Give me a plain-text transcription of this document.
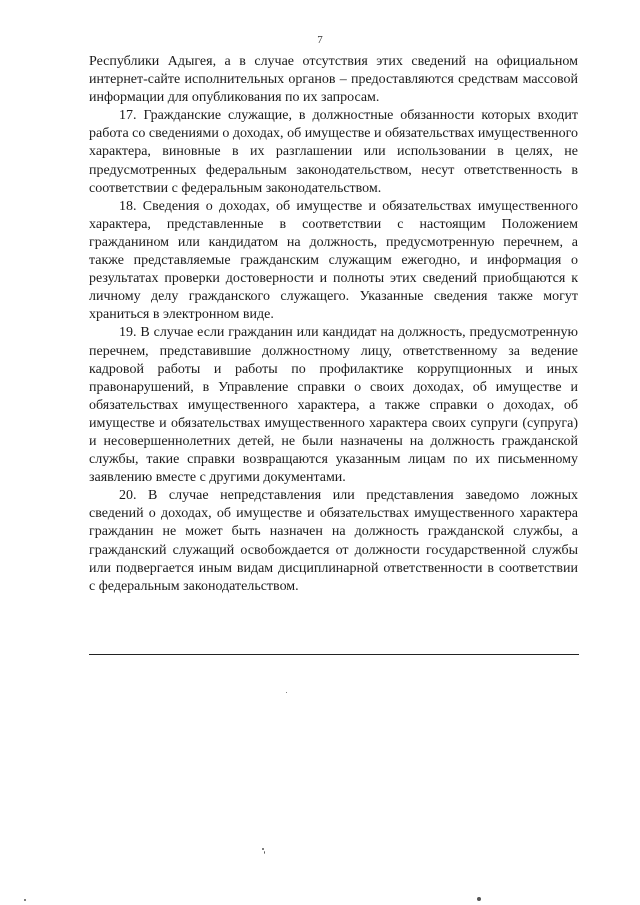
7

Республики Адыгея, а в случае отсутствия этих сведений на официальном интернет-сайте исполнительных органов – предоставляются средствам массовой информации для опубликования по их запросам.

17. Гражданские служащие, в должностные обязанности которых входит работа со сведениями о доходах, об имуществе и обязательствах имущественного характера, виновные в их разглашении или использовании в целях, не предусмотренных федеральным законодательством, несут ответственность в соответствии с федеральным законодательством.

18. Сведения о доходах, об имуществе и обязательствах имущественного характера, представленные в соответствии с настоящим Положением гражданином или кандидатом на должность, предусмотренную перечнем, а также представляемые гражданским служащим ежегодно, и информация о результатах проверки достоверности и полноты этих сведений приобщаются к личному делу гражданского служащего. Указанные сведения также могут храниться в электронном виде.

19. В случае если гражданин или кандидат на должность, предусмотренную перечнем, представившие должностному лицу, ответственному за ведение кадровой работы и работы по профилактике коррупционных и иных правонарушений, в Управление справки о своих доходах, об имуществе и обязательствах имущественного характера, а также справки о доходах, об имуществе и обязательствах имущественного характера своих супруги (супруга) и несовершеннолетних детей, не были назначены на должность гражданской службы, такие справки возвращаются указанным лицам по их письменному заявлению вместе с другими документами.

20. В случае непредставления или представления заведомо ложных сведений о доходах, об имуществе и обязательствах имущественного характера гражданин не может быть назначен на должность гражданской службы, а гражданский служащий освобождается от должности государственной службы или подвергается иным видам дисциплинарной ответственности в соответствии с федеральным законодательством.
